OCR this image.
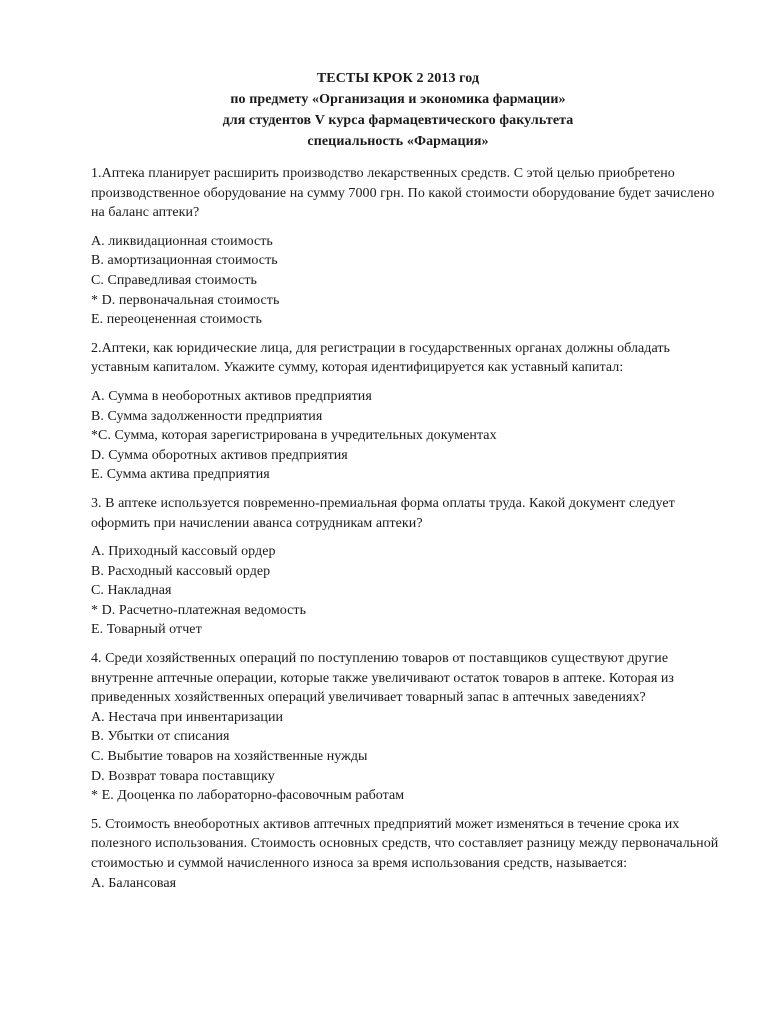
ТЕСТЫ КРОК 2 2013 год
по предмету «Организация и экономика фармации»
для студентов V курса фармацевтического факультета
специальность «Фармация»
1.Аптека планирует расширить производство лекарственных средств. С этой целью приобретено производственное оборудование на сумму 7000 грн. По какой стоимости оборудование будет зачислено на баланс аптеки?
A. ликвидационная стоимость
B. амортизационная стоимость
C. Справедливая стоимость
* D. первоначальная стоимость
E. переоцененная стоимость
2.Аптеки, как юридические лица, для регистрации в государственных органах должны обладать уставным капиталом. Укажите сумму, которая идентифицируется как уставный капитал:
A. Сумма в необоротных активов предприятия
B. Сумма задолженности предприятия
*C. Сумма, которая зарегистрирована в учредительных документах
D. Сумма оборотных активов предприятия
E. Сумма актива предприятия
3. В аптеке используется повременно-премиальная форма оплаты труда. Какой документ следует оформить при начислении аванса сотрудникам аптеки?
A. Приходный кассовый ордер
B. Расходный кассовый ордер
C. Накладная
* D. Расчетно-платежная ведомость
E. Товарный отчет
4. Среди хозяйственных операций по поступлению товаров от поставщиков существуют другие внутренне аптечные операции, которые также увеличивают остаток товаров в аптеке. Которая из приведенных хозяйственных операций увеличивает товарный запас в аптечных заведениях?
A. Нестача при инвентаризации
B. Убытки от списания
C. Выбытие товаров на хозяйственные нужды
D. Возврат товара поставщику
* E. Дооценка по лабораторно-фасовочным работам
5. Стоимость внеоборотных активов аптечных предприятий может изменяться в течение срока их полезного использования. Стоимость основных средств, что составляет разницу между первоначальной стоимостью и суммой начисленного износа за время использования средств, называется:
A. Балансовая
